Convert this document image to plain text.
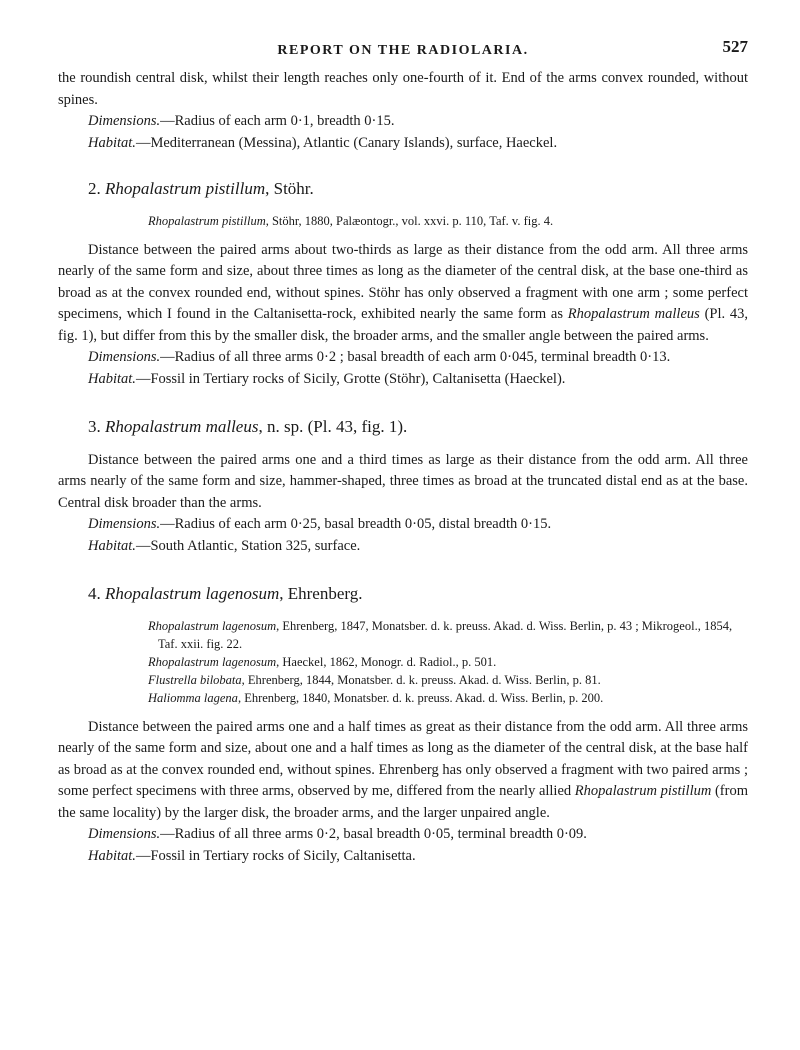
REPORT ON THE RADIOLARIA.	527

the roundish central disk, whilst their length reaches only one-fourth of it. End of the arms convex rounded, without spines.

Dimensions.—Radius of each arm 0·1, breadth 0·15.

Habitat.—Mediterranean (Messina), Atlantic (Canary Islands), surface, Haeckel.

2. Rhopalastrum pistillum, Stöhr.
Rhopalastrum pistillum, Stöhr, 1880, Palæontogr., vol. xxvi. p. 110, Taf. v. fig. 4.

Distance between the paired arms about two-thirds as large as their distance from the odd arm. All three arms nearly of the same form and size, about three times as long as the diameter of the central disk, at the base one-third as broad as at the convex rounded end, without spines. Stöhr has only observed a fragment with one arm ; some perfect specimens, which I found in the Caltanisetta-rock, exhibited nearly the same form as Rhopalastrum malleus (Pl. 43, fig. 1), but differ from this by the smaller disk, the broader arms, and the smaller angle between the paired arms.

Dimensions.—Radius of all three arms 0·2 ; basal breadth of each arm 0·045, terminal breadth 0·13.

Habitat.—Fossil in Tertiary rocks of Sicily, Grotte (Stöhr), Caltanisetta (Haeckel).

3. Rhopalastrum malleus, n. sp. (Pl. 43, fig. 1).

Distance between the paired arms one and a third times as large as their distance from the odd arm. All three arms nearly of the same form and size, hammer-shaped, three times as broad at the truncated distal end as at the base. Central disk broader than the arms.

Dimensions.—Radius of each arm 0·25, basal breadth 0·05, distal breadth 0·15.

Habitat.—South Atlantic, Station 325, surface.

4. Rhopalastrum lagenosum, Ehrenberg.
Rhopalastrum lagenosum, Ehrenberg, 1847, Monatsber. d. k. preuss. Akad. d. Wiss. Berlin, p. 43 ; Mikrogeol., 1854, Taf. xxii. fig. 22.
Rhopalastrum lagenosum, Haeckel, 1862, Monogr. d. Radiol., p. 501.
Flustrella bilobata, Ehrenberg, 1844, Monatsber. d. k. preuss. Akad. d. Wiss. Berlin, p. 81.
Haliomma lagena, Ehrenberg, 1840, Monatsber. d. k. preuss. Akad. d. Wiss. Berlin, p. 200.

Distance between the paired arms one and a half times as great as their distance from the odd arm. All three arms nearly of the same form and size, about one and a half times as long as the diameter of the central disk, at the base half as broad as at the convex rounded end, without spines. Ehrenberg has only observed a fragment with two paired arms ; some perfect specimens with three arms, observed by me, differed from the nearly allied Rhopalastrum pistillum (from the same locality) by the larger disk, the broader arms, and the larger unpaired angle.

Dimensions.—Radius of all three arms 0·2, basal breadth 0·05, terminal breadth 0·09.

Habitat.—Fossil in Tertiary rocks of Sicily, Caltanisetta.
